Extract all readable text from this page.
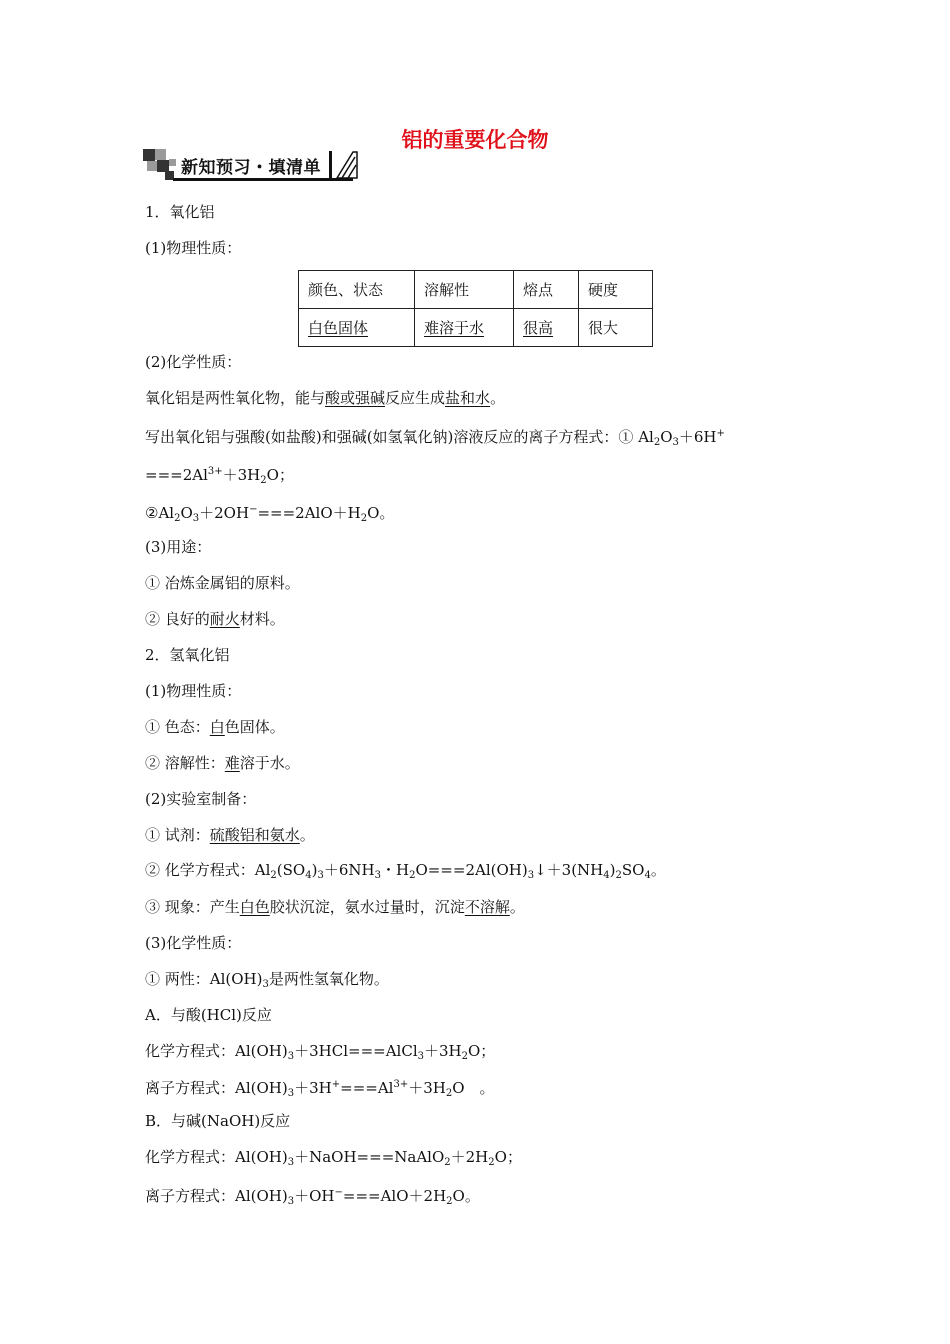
铝的重要化合物
新知预习・填清单
1．氧化铝
(1)物理性质：
颜色、状态	溶解性	熔点	硬度
白色固体	难溶于水	很高	很大
(2)化学性质：
氧化铝是两性氧化物，能与酸或强碱反应生成盐和水。
写出氧化铝与强酸(如盐酸)和强碱(如氢氧化钠)溶液反应的离子方程式：① $Al_2O_3+6H^+$
$===2Al^{3+}+3H_2O$；
$②Al_2O_3+2OH^-===2AlO+H_2O$。
(3)用途：
① 冶炼金属铝的原料。
② 良好的耐火材料。
2．氢氧化铝
(1)物理性质：
① 色态：白色固体。
② 溶解性：难溶于水。
(2)实验室制备：
① 试剂：硫酸铝和氨水。
② 化学方程式：$Al_2(SO_4)_3+6NH_3$・$H_2O===2Al(OH)_3↓+3(NH_4)_2SO_4$。
③ 现象：产生白色胶状沉淀，氨水过量时，沉淀不溶解。
(3)化学性质：
① 两性：$Al(OH)_3$是两性氢氧化物。
A．与酸(HCl)反应
化学方程式：$Al(OH)_3+3HCl===AlCl_3+3H_2O$；
离子方程式：$Al(OH)_3+3H^+===Al^{3+}+3H_2O$　。
B．与碱(NaOH)反应
化学方程式：$Al(OH)_3+NaOH===NaAlO_2+2H_2O$；
离子方程式：$Al(OH)_3+OH^-===AlO+2H_2O$。
